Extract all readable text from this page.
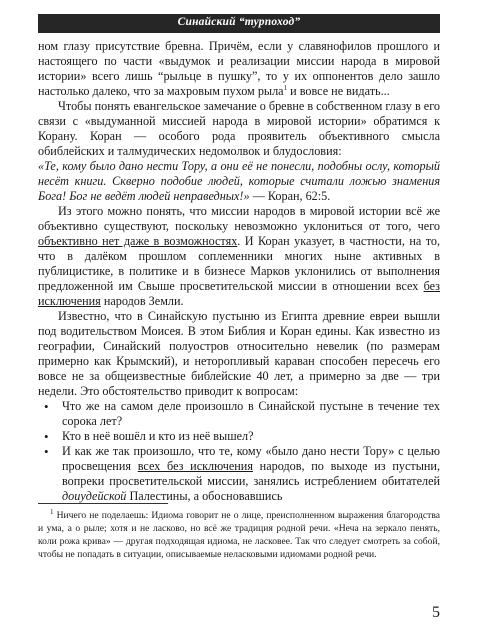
Синайский “турпоход”

ном глазу присутствие бревна. Причём, если у славянофилов прошлого и настоящего по части «выдумок и реализации миссии народа в мировой истории» всего лишь “рыльце в пушку”, то у их оппонентов дело зашло настолько далеко, что за махровым пухом рыла$^1$ и вовсе не видать...

Чтобы понять евангельское замечание о бревне в собственном глазу в его связи с «выдуманной миссией народа в мировой истории» обратимся к Корану. Коран — особого рода проявитель объективного смысла обиблейских и талмудических недомолвок и блудословия:

«Те, кому было дано нести Тору, а они её не понесли, подобны ослу, который несёт книги. Скверно подобие людей, которые считали ложью знамения Бога! Бог не ведёт людей неправедных!» — Коран, 62:5.

Из этого можно понять, что миссии народов в мировой истории всё же объективно существуют, поскольку невозможно уклониться от того, чего объективно нет даже в возможностях. И Коран указует, в частности, на то, что в далёком прошлом соплеменники многих ныне активных в публицистике, в политике и в бизнесе Марков уклонились от выполнения предложенной им Свыше просветительской миссии в отношении всех без исключения народов Земли.

Известно, что в Синайскую пустыню из Египта древние евреи вышли под водительством Моисея. В этом Библия и Коран едины. Как известно из географии, Синайский полуостров относительно невелик (по размерам примерно как Крымский), и неторопливый караван способен пересечь его вовсе не за общеизвестные библейские 40 лет, а примерно за две — три недели. Это обстоятельство приводит к вопросам:

• Что же на самом деле произошло в Синайской пустыне в течение тех сорока лет?
• Кто в неё вошёл и кто из неё вышел?
• И как же так произошло, что те, кому «было дано нести Тору» с целью просвещения всех без исключения народов, по выходе из пустыни, вопреки просветительской миссии, занялись истреблением обитателей доиудейской Палестины, а обосновавшись

$^1$ Ничего не поделаешь: Идиома говорит не о лице, преисполненном выражения благородства и ума, а о рыле; хотя и не ласково, но всё же традиция родной речи. «Неча на зеркало пенять, коли рожа крива» — другая подходящая идиома, не ласковее. Так что следует смотреть за собой, чтобы не попадать в ситуации, описываемые неласковыми идиомами родной речи.

5
